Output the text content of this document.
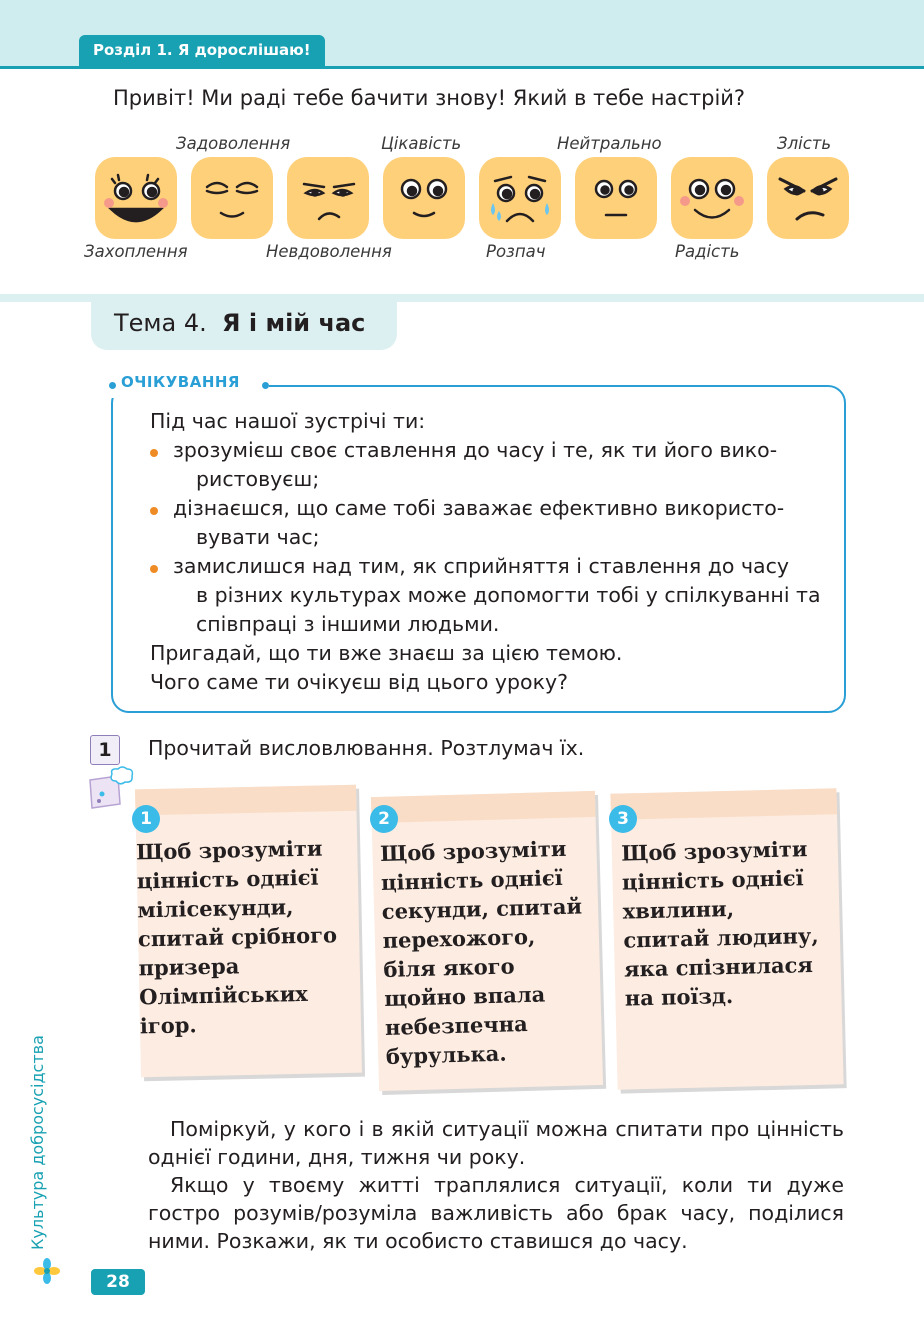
Розділ 1. Я дорослішаю!
Привіт! Ми раді тебе бачити знову! Який в тебе настрій?
Захоплення
Задоволення
Невдоволення
Цікавість
Розпач
Нейтрально
Радість
Злість
Тема 4. Я і мій час
ОЧІКУВАННЯ

Під час нашої зустрічі ти:

зрозумієш своє ставлення до часу і те, як ти його вико-
ристовуєш;

дізнаєшся, що саме тобі заважає ефективно використо-
вувати час;

замислишся над тим, як сприйняття і ставлення до часу
в різних культурах може допомогти тобі у спілкуванні та
співпраці з іншими людьми.

Пригадай, що ти вже знаєш за цією темою.

Чого саме ти очікуєш від цього уроку?

1	Прочитай висловлювання. Розтлумач їх.
1
Щоб зрозуміти
цінність однієї
мілісекунди,
спитай срібного
призера
Олімпійських
ігор.
2
Щоб зрозуміти
цінність однієї
секунди, спитай
перехожого,
біля якого
щойно впала
небезпечна
бурулька.
3
Щоб зрозуміти
цінність однієї
хвилини,
спитай людину,
яка спізнилася
на поїзд.

Поміркуй, у кого і в якій ситуації можна спитати про цінність однієї години, дня, тижня чи року.

Якщо у твоєму житті траплялися ситуації, коли ти дуже гостро розумів/розуміла важливість або брак часу, поділися ними. Розкажи, як ти особисто ставишся до часу.

Культура добросусідства
28
